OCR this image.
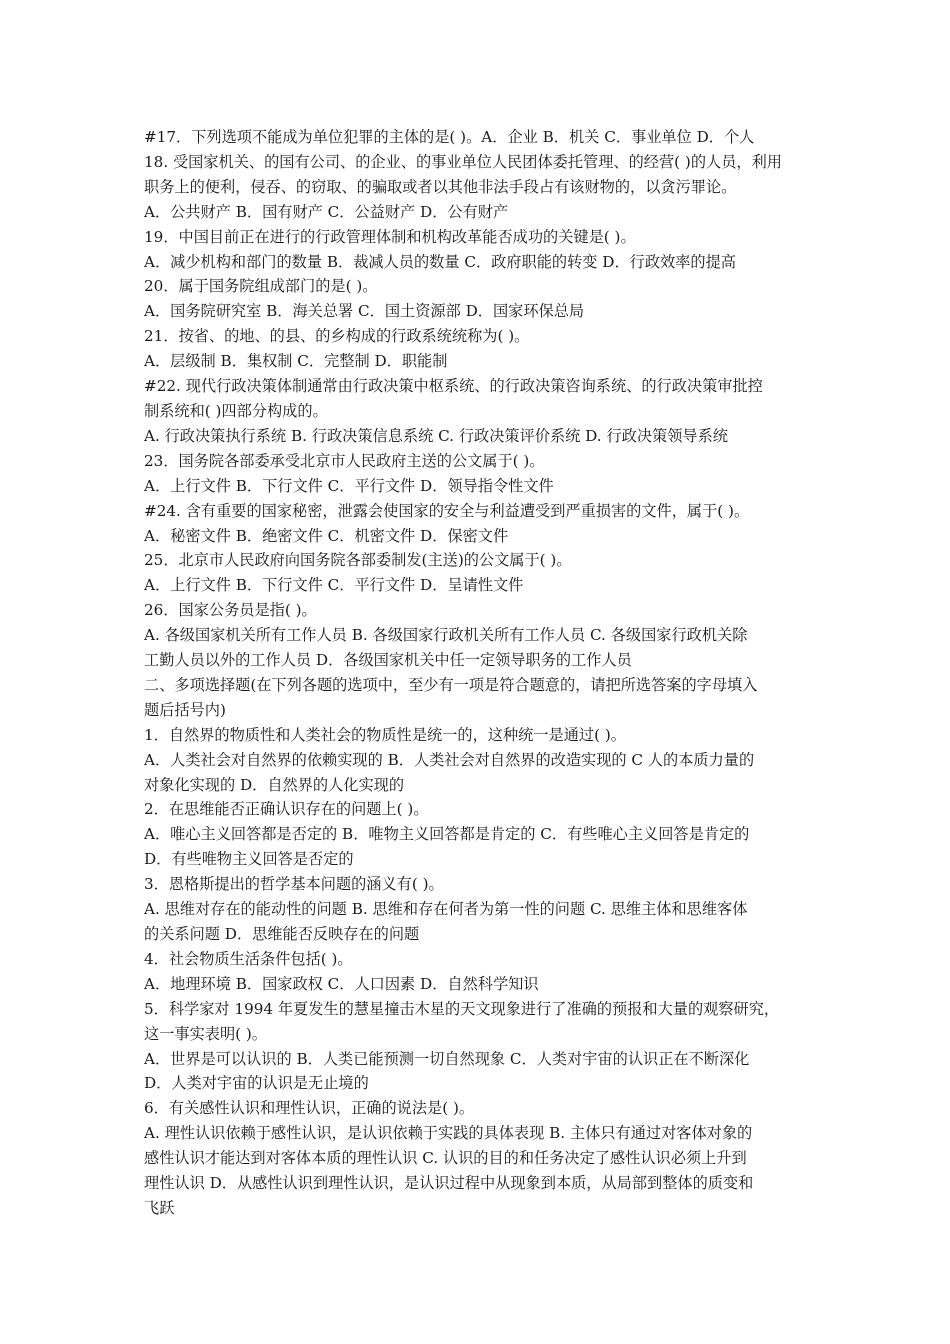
#17．下列选项不能成为单位犯罪的主体的是( )。A．企业 B．机关 C．事业单位 D．个人

18. 受国家机关、的国有公司、的企业、的事业单位人民团体委托管理、的经营( )的人员，利用

职务上的便利，侵吞、的窃取、的骗取或者以其他非法手段占有该财物的，以贪污罪论。

A．公共财产 B．国有财产 C．公益财产 D．公有财产

19．中国目前正在进行的行政管理体制和机构改革能否成功的关键是( )。

A．减少机构和部门的数量 B．裁减人员的数量 C．政府职能的转变 D．行政效率的提高

20．属于国务院组成部门的是( )。

A．国务院研究室 B．海关总署 C．国土资源部 D．国家环保总局

21．按省、的地、的县、的乡构成的行政系统统称为( )。

A．层级制 B．集权制 C．完整制 D．职能制

#22. 现代行政决策体制通常由行政决策中枢系统、的行政决策咨询系统、的行政决策审批控

制系统和( )四部分构成的。

A. 行政决策执行系统 B. 行政决策信息系统 C. 行政决策评价系统 D. 行政决策领导系统

23．国务院各部委承受北京市人民政府主送的公文属于( )。

A．上行文件 B．下行文件 C．平行文件 D．领导指令性文件

#24. 含有重要的国家秘密，泄露会使国家的安全与利益遭受到严重损害的文件，属于( )。

A．秘密文件 B．绝密文件 C．机密文件 D．保密文件

25．北京市人民政府向国务院各部委制发(主送)的公文属于( )。

A．上行文件 B．下行文件 C．平行文件 D．呈请性文件

26．国家公务员是指( )。

A. 各级国家机关所有工作人员 B. 各级国家行政机关所有工作人员 C. 各级国家行政机关除

工勤人员以外的工作人员 D．各级国家机关中任一定领导职务的工作人员

二、多项选择题(在下列各题的选项中，至少有一项是符合题意的，请把所选答案的字母填入

题后括号内)

1．自然界的物质性和人类社会的物质性是统一的，这种统一是通过( )。

A．人类社会对自然界的依赖实现的 B．人类社会对自然界的改造实现的 C 人的本质力量的

对象化实现的 D．自然界的人化实现的

2．在思维能否正确认识存在的问题上( )。

A．唯心主义回答都是否定的 B．唯物主义回答都是肯定的 C．有些唯心主义回答是肯定的

D．有些唯物主义回答是否定的

3．恩格斯提出的哲学基本问题的涵义有( )。

A. 思维对存在的能动性的问题 B. 思维和存在何者为第一性的问题 C. 思维主体和思维客体

的关系问题 D．思维能否反映存在的问题

4．社会物质生活条件包括( )。

A．地理环境 B．国家政权 C．人口因素 D．自然科学知识

5．科学家对 1994 年夏发生的慧星撞击木星的天文现象进行了准确的预报和大量的观察研究，

这一事实表明( )。

A．世界是可以认识的 B．人类已能预测一切自然现象 C．人类对宇宙的认识正在不断深化

D．人类对宇宙的认识是无止境的

6．有关感性认识和理性认识，正确的说法是( )。

A. 理性认识依赖于感性认识，是认识依赖于实践的具体表现 B. 主体只有通过对客体对象的

感性认识才能达到对客体本质的理性认识 C. 认识的目的和任务决定了感性认识必须上升到

理性认识 D．从感性认识到理性认识，是认识过程中从现象到本质，从局部到整体的质变和

飞跃
